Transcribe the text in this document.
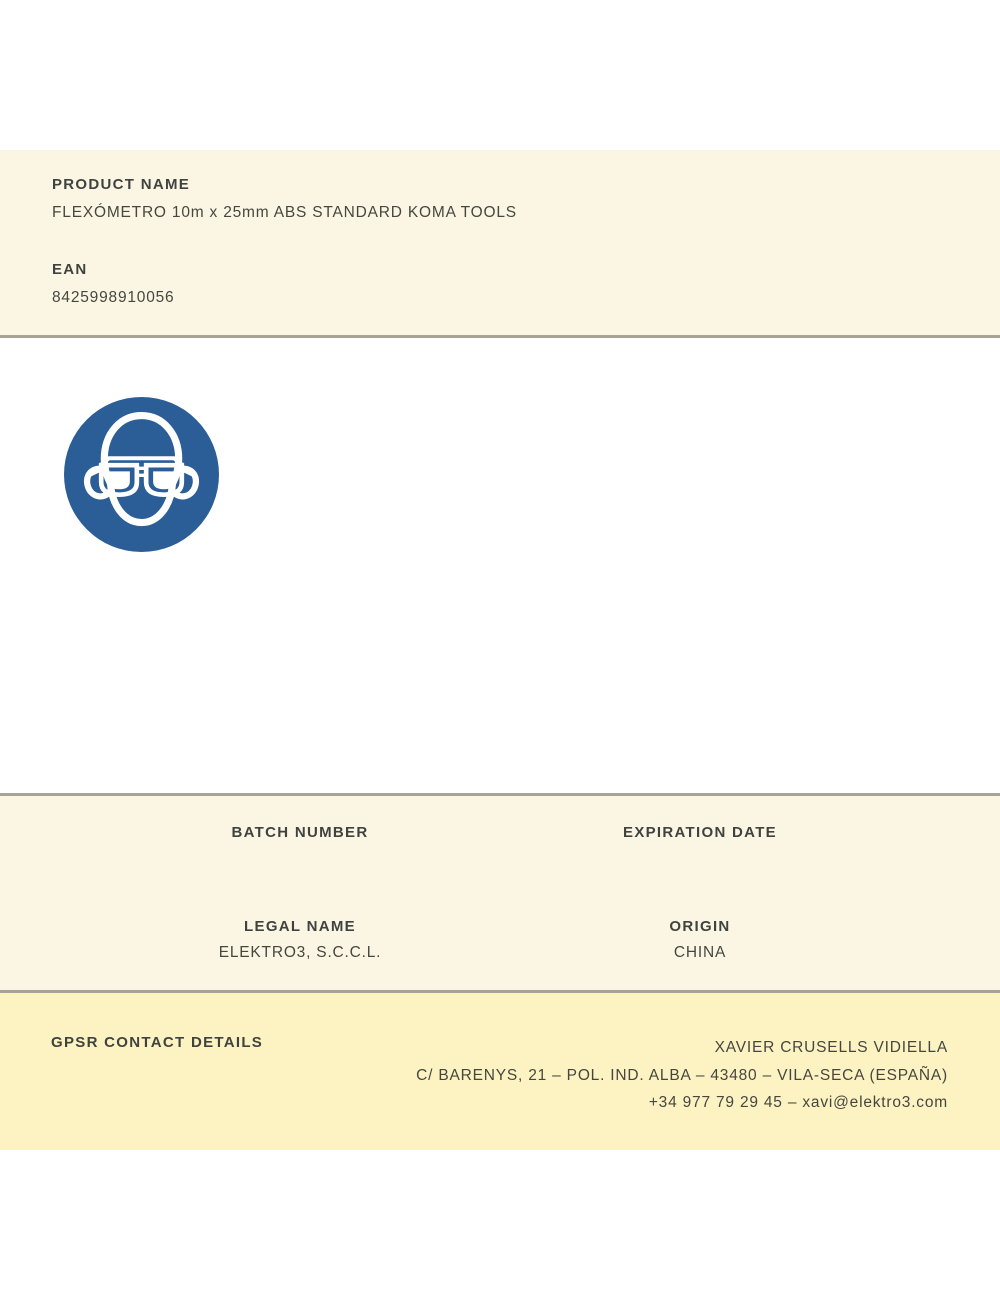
PRODUCT NAME
FLEXÓMETRO 10m x 25mm ABS STANDARD KOMA TOOLS
EAN
8425998910056
BATCH NUMBER	EXPIRATION DATE
LEGAL NAME
ELEKTRO3, S.C.C.L.
ORIGIN
CHINA
GPSR CONTACT DETAILS	XAVIER CRUSELLS VIDIELLA
C/ BARENYS, 21 – POL. IND. ALBA – 43480 – VILA-SECA (ESPAÑA)
+34 977 79 29 45 – xavi@elektro3.com
